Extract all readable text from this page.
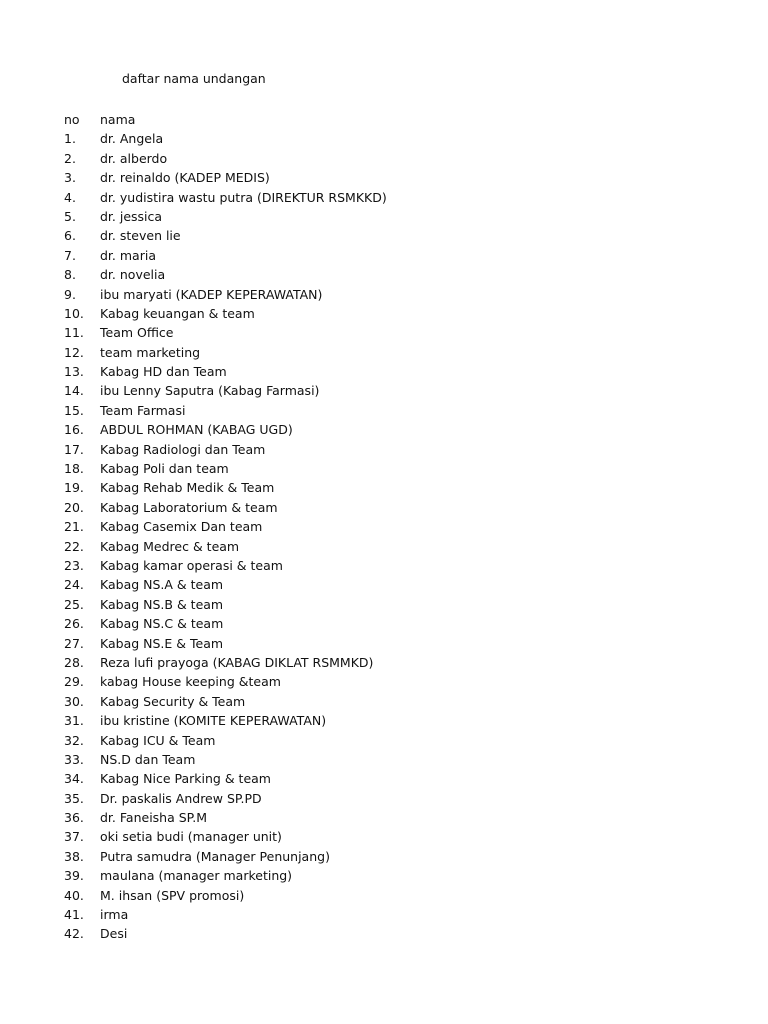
daftar nama undangan
no	nama
1.	dr. Angela
2.	dr. alberdo
3.	dr. reinaldo (KADEP MEDIS)
4.	dr. yudistira wastu putra (DIREKTUR RSMKKD)
5.	dr. jessica
6.	dr. steven lie
7.	dr. maria
8.	dr. novelia
9.	ibu maryati (KADEP KEPERAWATAN)
10.	Kabag keuangan & team
11.	Team Office
12.	team marketing
13.	Kabag HD dan Team
14.	ibu Lenny Saputra (Kabag Farmasi)
15.	Team Farmasi
16.	ABDUL ROHMAN (KABAG UGD)
17.	Kabag Radiologi dan Team
18.	Kabag Poli dan team
19.	Kabag Rehab Medik & Team
20.	Kabag Laboratorium & team
21.	Kabag Casemix Dan team
22.	Kabag Medrec & team
23.	Kabag kamar operasi & team
24.	Kabag NS.A & team
25.	Kabag NS.B & team
26.	Kabag NS.C & team
27.	Kabag NS.E & Team
28.	Reza lufi prayoga (KABAG DIKLAT RSMMKD)
29.	kabag House keeping &team
30.	Kabag Security & Team
31.	ibu kristine (KOMITE KEPERAWATAN)
32.	Kabag ICU & Team
33.	NS.D dan Team
34.	Kabag Nice Parking & team
35.	Dr. paskalis Andrew SP.PD
36.	dr. Faneisha SP.M
37.	oki setia budi (manager unit)
38.	Putra samudra (Manager Penunjang)
39.	maulana (manager marketing)
40.	M. ihsan (SPV promosi)
41.	irma
42.	Desi
